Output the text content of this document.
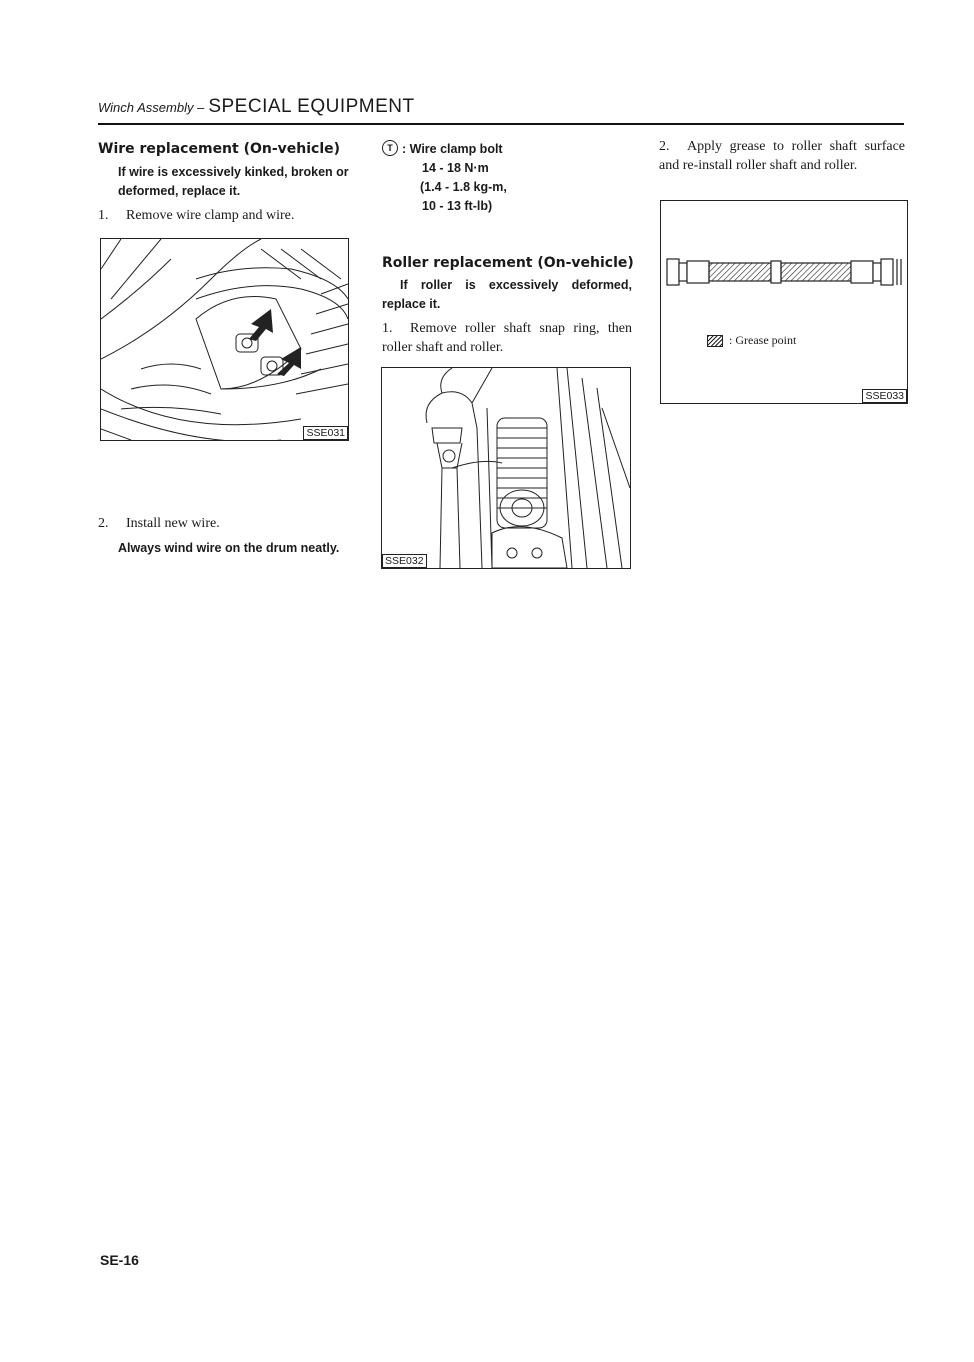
Winch Assembly – SPECIAL EQUIPMENT

Wire replacement (On-vehicle)

If wire is excessively kinked, broken or deformed, replace it.

1. Remove wire clamp and wire.

SSE031

2. Install new wire.

Always wind wire on the drum neatly.

T : Wire clamp bolt
14 - 18 N·m
(1.4 - 1.8 kg-m,
10 - 13 ft-lb)

Roller replacement (On-vehicle)

If roller is excessively deformed, replace it.

1. Remove roller shaft snap ring, then roller shaft and roller.

SSE032

2. Apply grease to roller shaft surface and re-install roller shaft and roller.

: Grease point
SSE033
SE-16
